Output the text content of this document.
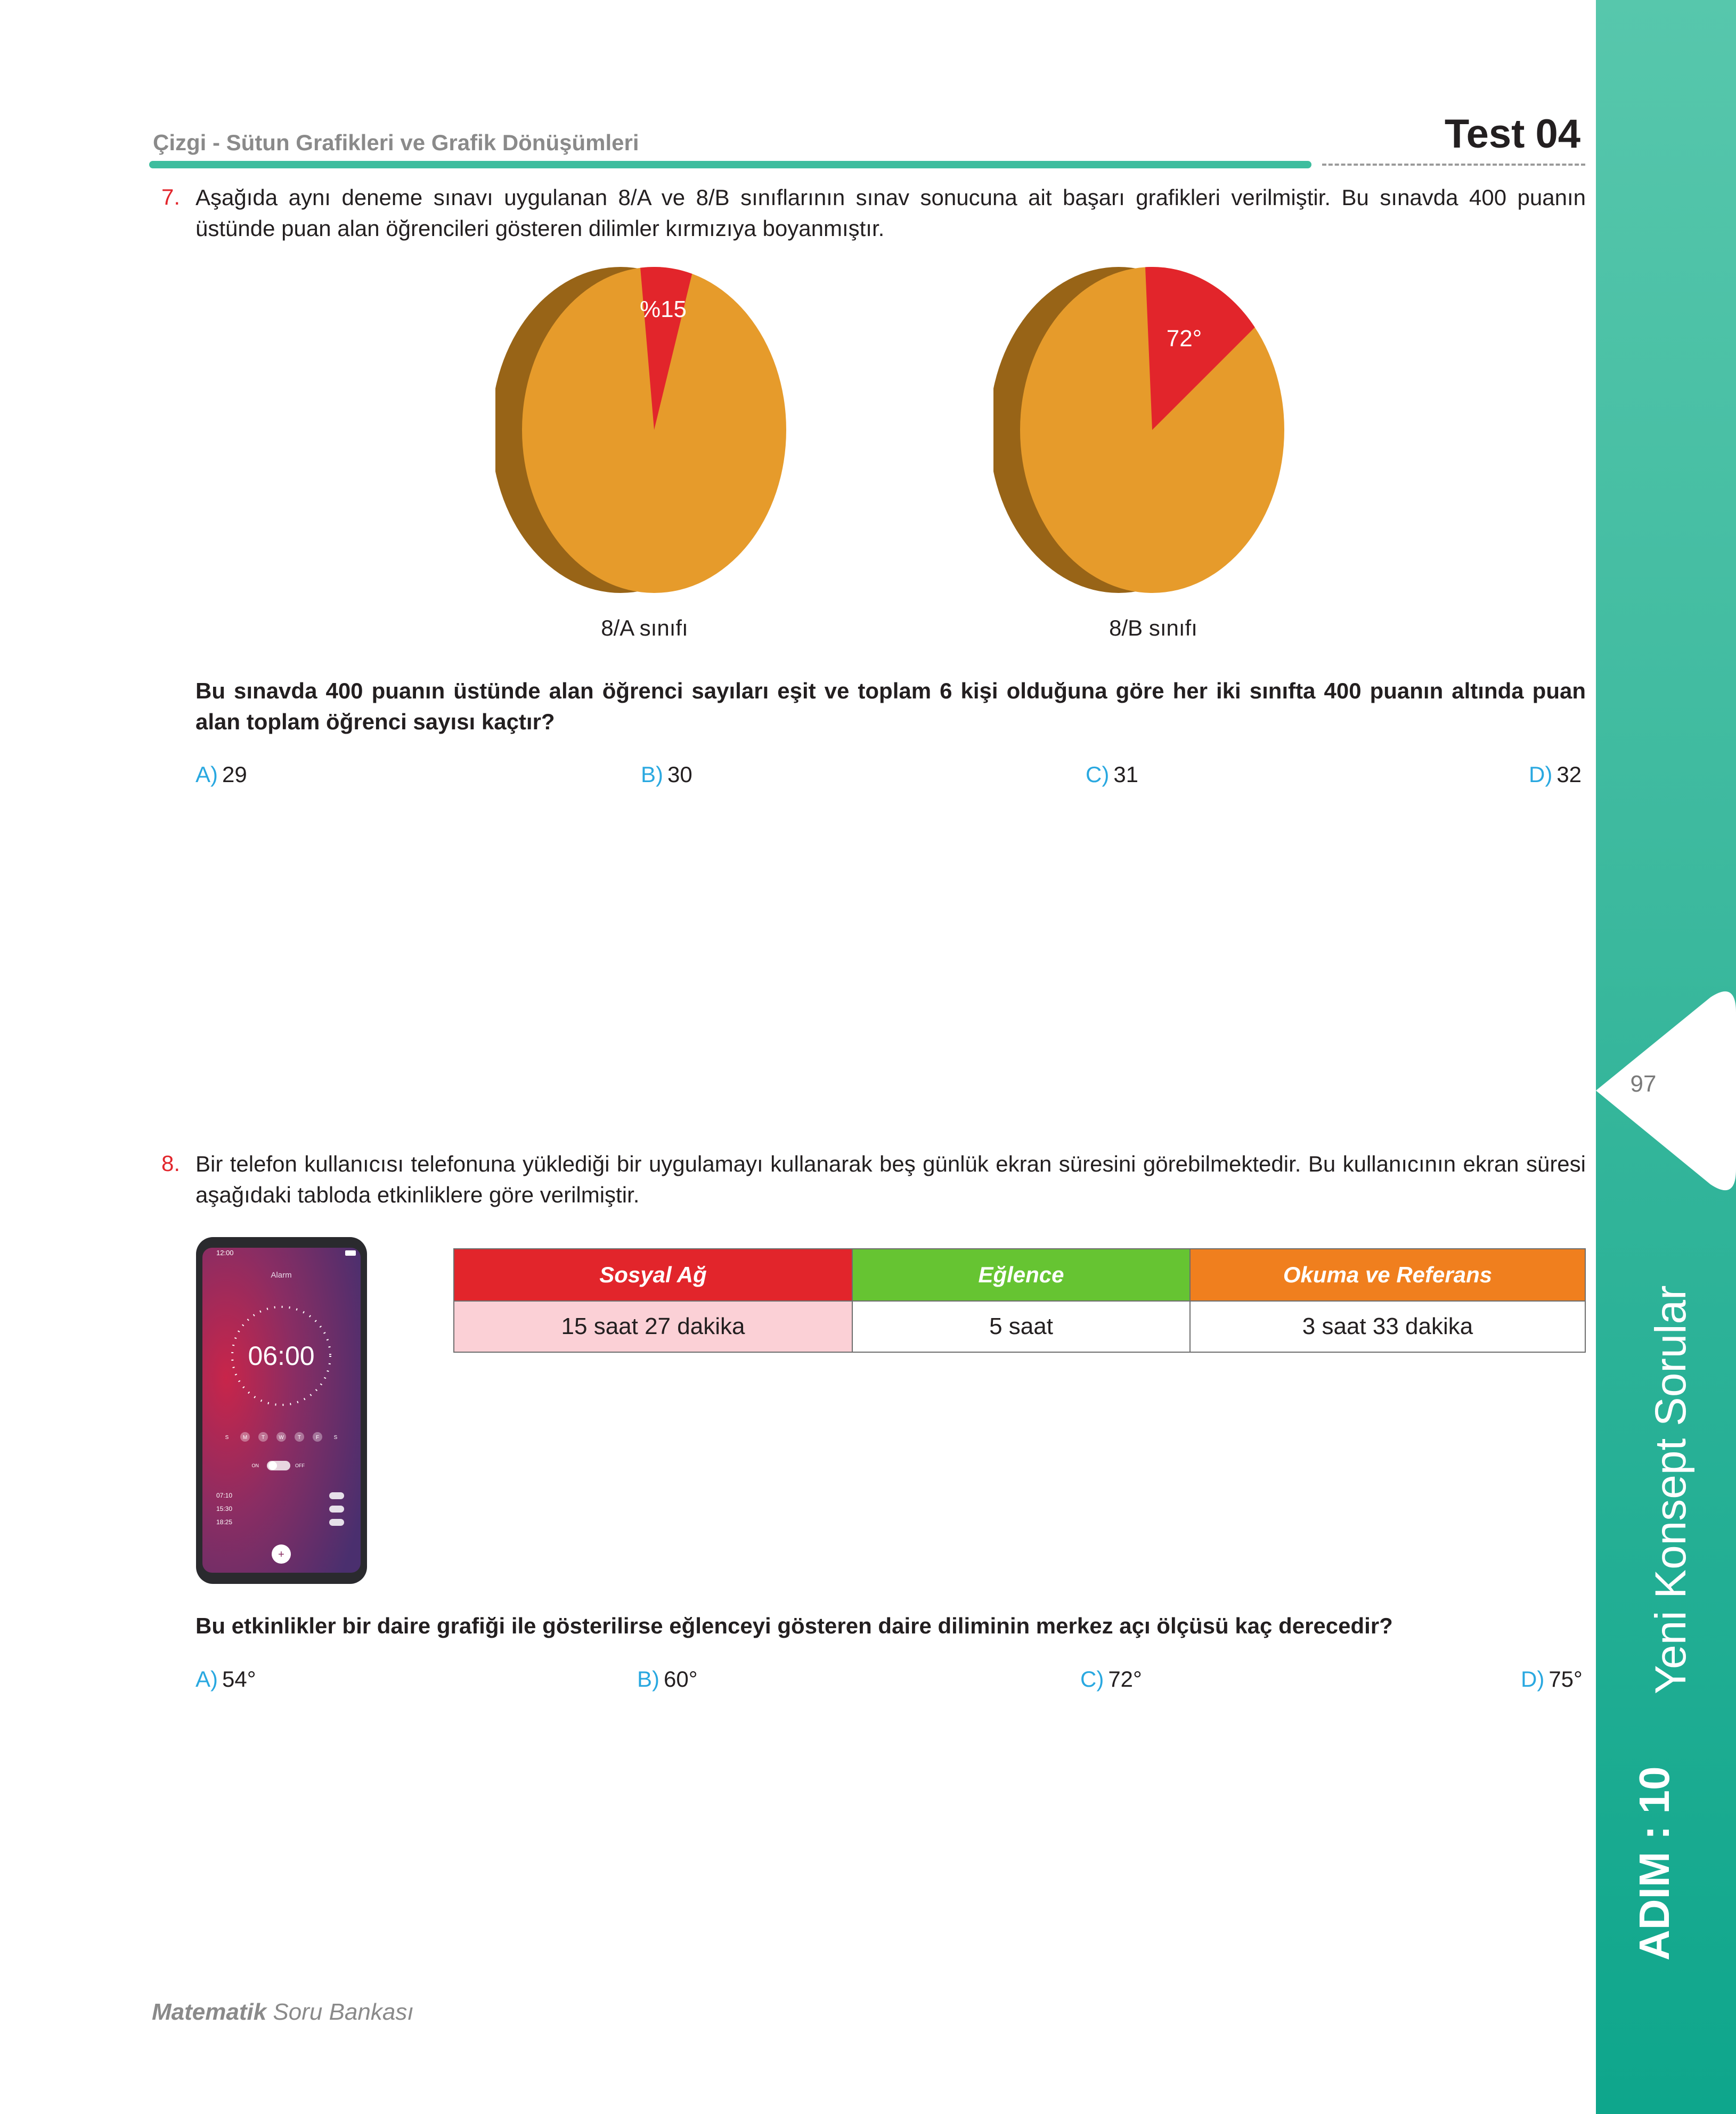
Çizgi - Sütun Grafikleri ve Grafik Dönüşümleri	Test 04
7. Aşağıda aynı deneme sınavı uygulanan 8/A ve 8/B sınıflarının sınav sonucuna ait başarı grafikleri verilmiştir. Bu sınavda 400 puanın üstünde puan alan öğrencileri gösteren dilimler kırmızıya boyanmıştır.
%15
8/A sınıfı
72°
8/B sınıfı
Bu sınavda 400 puanın üstünde alan öğrenci sayıları eşit ve toplam 6 kişi olduğuna göre her iki sınıfta 400 puanın altında puan alan toplam öğrenci sayısı kaçtır?
A) 29	B) 30	C) 31	D) 32
8. Bir telefon kullanıcısı telefonuna yüklediği bir uygulamayı kullanarak beş günlük ekran süresini görebilmektedir. Bu kullanıcının ekran süresi aşağıdaki tabloda etkinliklere göre verilmiştir.
12:00
Alarm
06:00
S	M	T	W	T	F	S
ON	OFF
07:10
15:30
18:25
+
Sosyal Ağ	Eğlence	Okuma ve Referans
15 saat 27 dakika	5 saat	3 saat 33 dakika
Bu etkinlikler bir daire grafiği ile gösterilirse eğlenceyi gösteren daire diliminin merkez açı ölçüsü kaç derecedir?
A) 54°	B) 60°	C) 72°	D) 75°
97
Yeni Konsept Sorular
ADIM : 10
Matematik Soru Bankası
